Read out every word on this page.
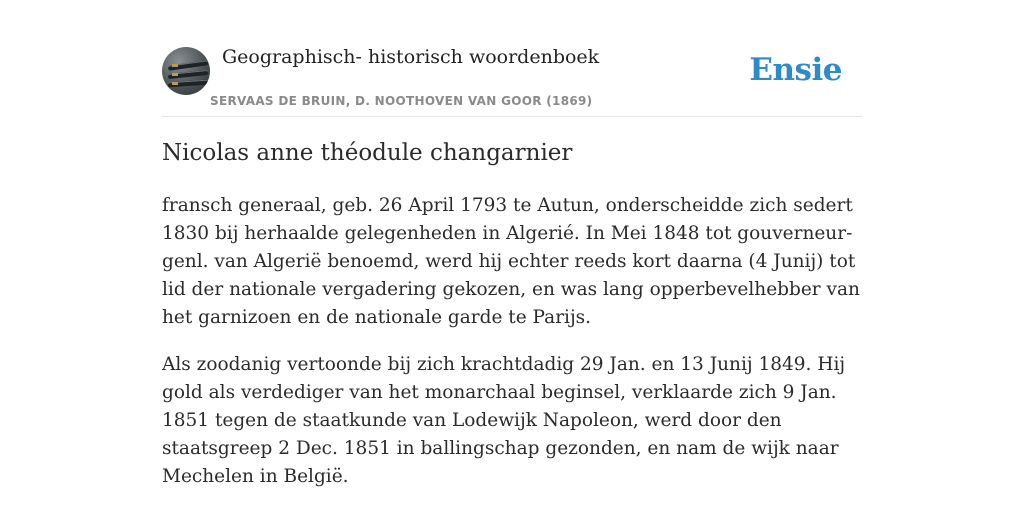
Geographisch- historisch woordenboek
SERVAAS DE BRUIN, D. NOOTHOVEN VAN GOOR (1869)
Ensie
Nicolas anne théodule changarnier

fransch generaal, geb. 26 April 1793 te Autun, onderscheidde zich sedert 1830 bij herhaalde gelegenheden in Algerié. In Mei 1848 tot gouverneur-genl. van Algerië benoemd, werd hij echter reeds kort daarna (4 Junij) tot lid der nationale vergadering gekozen, en was lang opperbevelhebber van het garnizoen en de nationale garde te Parijs.

Als zoodanig vertoonde bij zich krachtdadig 29 Jan. en 13 Junij 1849. Hij gold als verdediger van het monarchaal beginsel, verklaarde zich 9 Jan. 1851 tegen de staatkunde van Lodewijk Napoleon, werd door den staatsgreep 2 Dec. 1851 in ballingschap gezonden, en nam de wijk naar Mechelen in België.
